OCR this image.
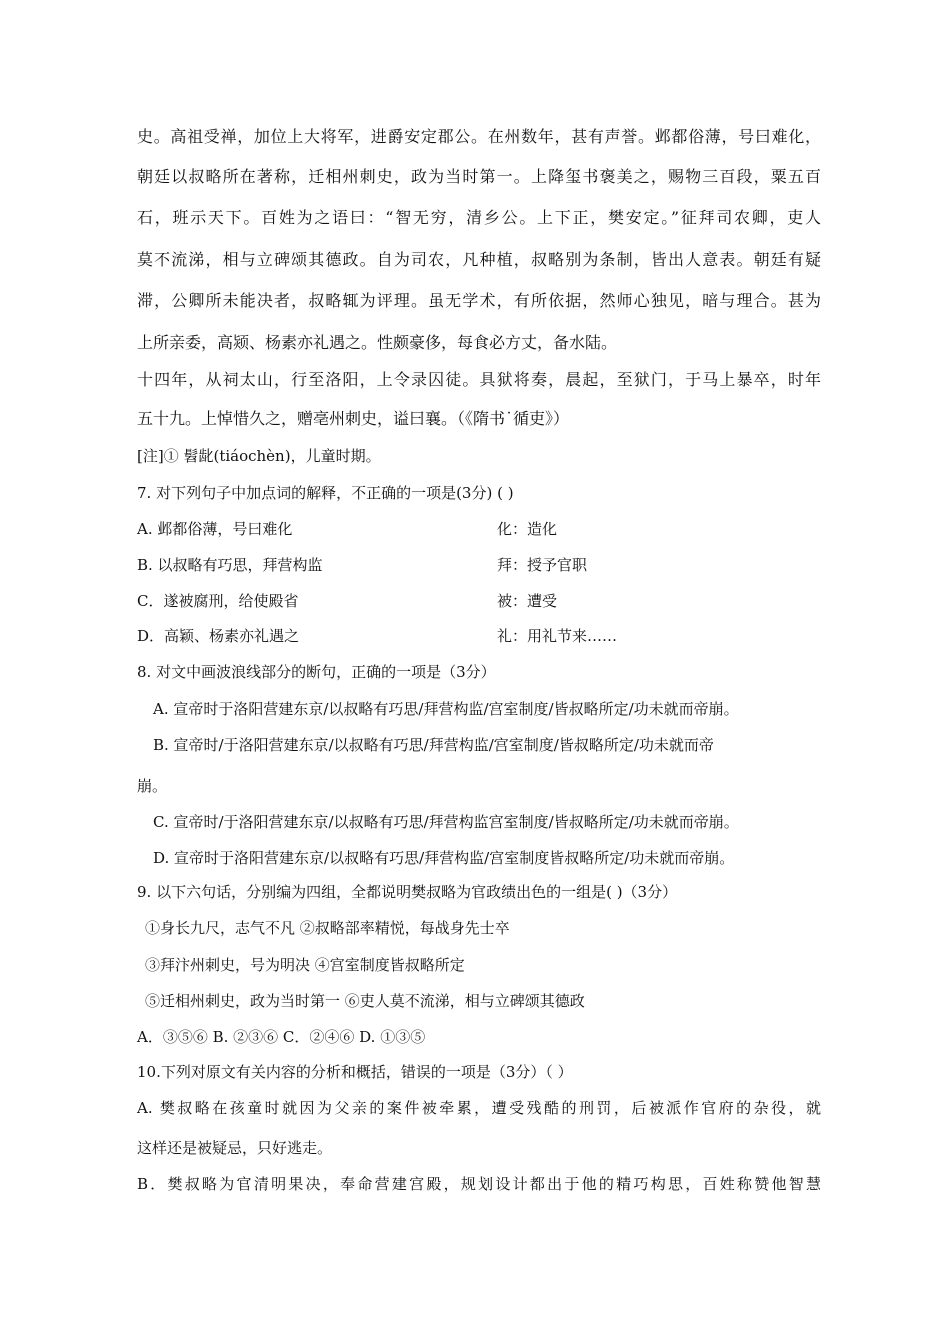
史。高祖受禅，加位上大将军，进爵安定郡公。在州数年，甚有声誉。邺都俗薄，号曰难化，
朝廷以叔略所在著称，迁相州刺史，政为当时第一。上降玺书褒美之，赐物三百段，粟五百
石，班示天下。百姓为之语曰：“智无穷，清乡公。上下正，樊安定。”征拜司农卿，吏人
莫不流涕，相与立碑颂其德政。自为司农，凡种植，叔略别为条制，皆出人意表。朝廷有疑
滞，公卿所未能决者，叔略辄为评理。虽无学术，有所依据，然师心独见，暗与理合。甚为
上所亲委，高颎、杨素亦礼遇之。性颇豪侈，每食必方丈，备水陆。
十四年，从祠太山，行至洛阳，上令录囚徒。具狱将奏，晨起，至狱门，于马上暴卒，时年
五十九。上悼惜久之，赠亳州刺史，谥曰襄。（《隋书˙循吏》）
[注]① 髫龀(tiáochèn)，儿童时期。
7. 对下列句子中加点词的解释，不正确的一项是(3分) ( )
A. 邺都俗薄，号曰难化	化：造化
B. 以叔略有巧思，拜营构监	拜：授予官职
C．遂被腐刑，给使殿省	被：遭受
D．高颖、杨素亦礼遇之	礼：用礼节来……
8. 对文中画波浪线部分的断句，正确的一项是（3分）
A. 宣帝时于洛阳营建东京/以叔略有巧思/拜营构监/宫室制度/皆叔略所定/功未就而帝崩。
B. 宣帝时/于洛阳营建东京/以叔略有巧思/拜营构监/宫室制度/皆叔略所定/功未就而帝
崩。
C. 宣帝时/于洛阳营建东京/以叔略有巧思/拜营构监宫室制度/皆叔略所定/功未就而帝崩。
D. 宣帝时于洛阳营建东京/以叔略有巧思/拜营构监/宫室制度皆叔略所定/功未就而帝崩。
9. 以下六句话，分别编为四组，全都说明樊叔略为官政绩出色的一组是( )（3分）
①身长九尺，志气不凡 ②叔略部率精悦，每战身先士卒
③拜汴州刺史，号为明决 ④宫室制度皆叔略所定
⑤迁相州刺史，政为当时第一 ⑥吏人莫不流涕，相与立碑颂其德政
A．③⑤⑥ B. ②③⑥ C．②④⑥ D. ①③⑤
10.下列对原文有关内容的分析和概括，错误的一项是（3分）（ ）
A. 樊叔略在孩童时就因为父亲的案件被牵累，遭受残酷的刑罚，后被派作官府的杂役，就
这样还是被疑忌，只好逃走。
B．樊叔略为官清明果决，奉命营建宫殿，规划设计都出于他的精巧构思，百姓称赞他智慧
